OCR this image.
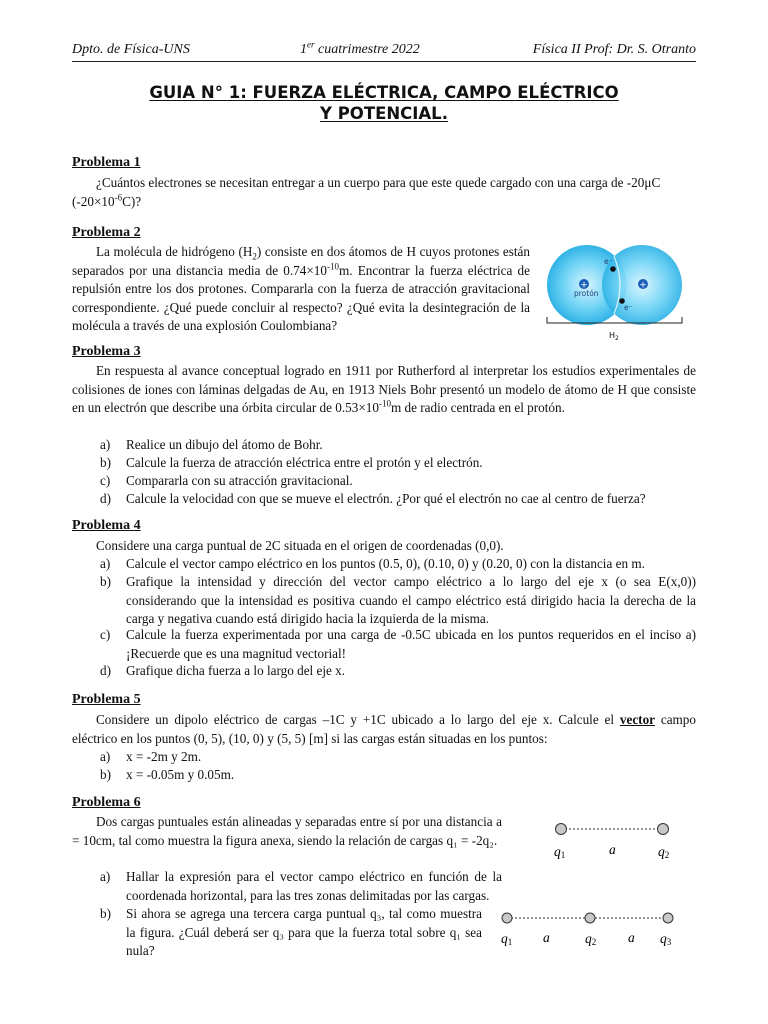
Dpto. de Física-UNS	1er cuatrimestre 2022	Física II Prof: Dr. S. Otranto
GUIA N° 1: FUERZA ELÉCTRICA, CAMPO ELÉCTRICO
Y POTENCIAL.
Problema 1
¿Cuántos electrones se necesitan entregar a un cuerpo para que este quede cargado con una carga de -20μC
$(-20\times 10^{-6}C)$?
Problema 2
La molécula de hidrógeno $(H_2)$ consiste en dos átomos de H cuyos protones están separados por una distancia media de $0.74\times 10^{-10}m$. Encontrar la fuerza eléctrica de repulsión entre los dos protones. Compararla con la fuerza de atracción gravitacional correspondiente. ¿Qué puede concluir al respecto? ¿Qué evita la desintegración de la molécula a través de una explosión Coulombiana?
+	+
protón
e⁻
e⁻
$H_2$
Problema 3
En respuesta al avance conceptual logrado en 1911 por Rutherford al interpretar los estudios experimentales de colisiones de iones con láminas delgadas de Au, en 1913 Niels Bohr presentó un modelo de átomo de H que consiste en un electrón que describe una órbita circular de $0.53\times 10^{-10}m$ de radio centrada en el protón.
a) Realice un dibujo del átomo de Bohr.
b) Calcule la fuerza de atracción eléctrica entre el protón y el electrón.
c) Compararla con su atracción gravitacional.
d) Calcule la velocidad con que se mueve el electrón. ¿Por qué el electrón no cae al centro de fuerza?
Problema 4
Considere una carga puntual de 2C situada en el origen de coordenadas (0,0).
a) Calcule el vector campo eléctrico en los puntos (0.5, 0), (0.10, 0) y (0.20, 0) con la distancia en m.
b) Grafique la intensidad y dirección del vector campo eléctrico a lo largo del eje x (o sea E(x,0)) considerando que la intensidad es positiva cuando el campo eléctrico está dirigido hacia la derecha de la carga y negativa cuando está dirigido hacia la izquierda de la misma.
c) Calcule la fuerza experimentada por una carga de -0.5C ubicada en los puntos requeridos en el inciso a) ¡Recuerde que es una magnitud vectorial!
d) Grafique dicha fuerza a lo largo del eje x.
Problema 5
Considere un dipolo eléctrico de cargas –1C y +1C ubicado a lo largo del eje x. Calcule el vector campo eléctrico en los puntos (0, 5), (10, 0) y (5, 5) [m] si las cargas están situadas en los puntos:
a) x = -2m y 2m.
b) x = -0.05m y 0.05m.
Problema 6
Dos cargas puntuales están alineadas y separadas entre sí por una distancia a = 10cm, tal como muestra la figura anexa, siendo la relación de cargas q₁ = -2q₂.
a) Hallar la expresión para el vector campo eléctrico en función de la coordenada horizontal, para las tres zonas delimitadas por las cargas.
b) Si ahora se agrega una tercera carga puntual q₃, tal como muestra la figura. ¿Cuál deberá ser q₃ para que la fuerza total sobre q₁ sea nula?
q1	a	q2
q1 a	q2 a q3
